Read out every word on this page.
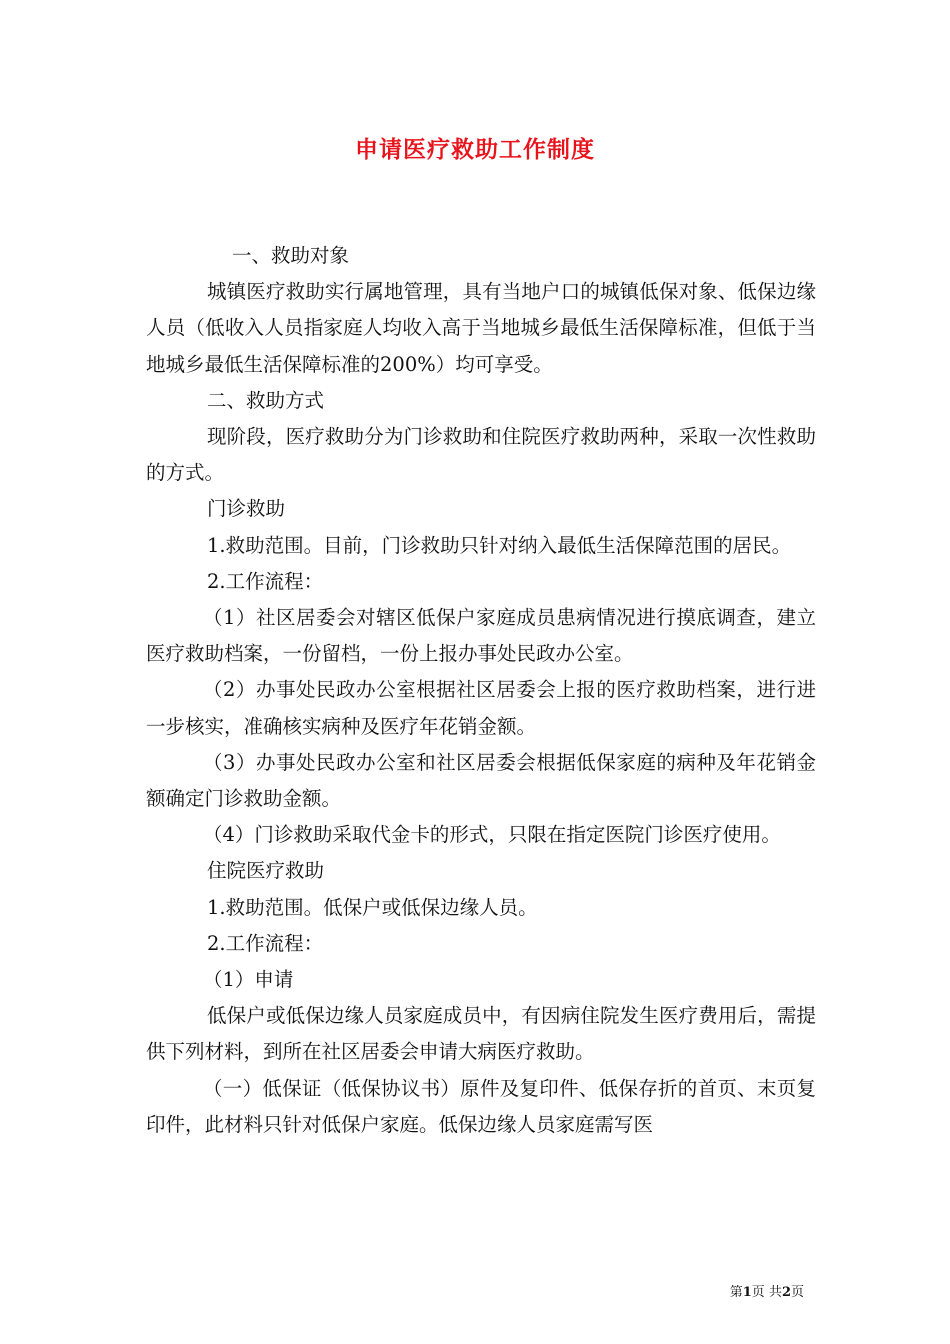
申请医疗救助工作制度

一、救助对象

城镇医疗救助实行属地管理，具有当地户口的城镇低保对象、低保边缘人员（低收入人员指家庭人均收入高于当地城乡最低生活保障标准，但低于当地城乡最低生活保障标准的200%）均可享受。

二、救助方式

现阶段，医疗救助分为门诊救助和住院医疗救助两种，采取一次性救助的方式。

门诊救助

1.救助范围。目前，门诊救助只针对纳入最低生活保障范围的居民。

2.工作流程：

（1）社区居委会对辖区低保户家庭成员患病情况进行摸底调查，建立医疗救助档案，一份留档，一份上报办事处民政办公室。

（2）办事处民政办公室根据社区居委会上报的医疗救助档案，进行进一步核实，准确核实病种及医疗年花销金额。

（3）办事处民政办公室和社区居委会根据低保家庭的病种及年花销金额确定门诊救助金额。

（4）门诊救助采取代金卡的形式，只限在指定医院门诊医疗使用。

住院医疗救助

1.救助范围。低保户或低保边缘人员。

2.工作流程：

（1）申请

低保户或低保边缘人员家庭成员中，有因病住院发生医疗费用后，需提供下列材料，到所在社区居委会申请大病医疗救助。

（一）低保证（低保协议书）原件及复印件、低保存折的首页、末页复印件，此材料只针对低保户家庭。低保边缘人员家庭需写医

第1页 共2页
